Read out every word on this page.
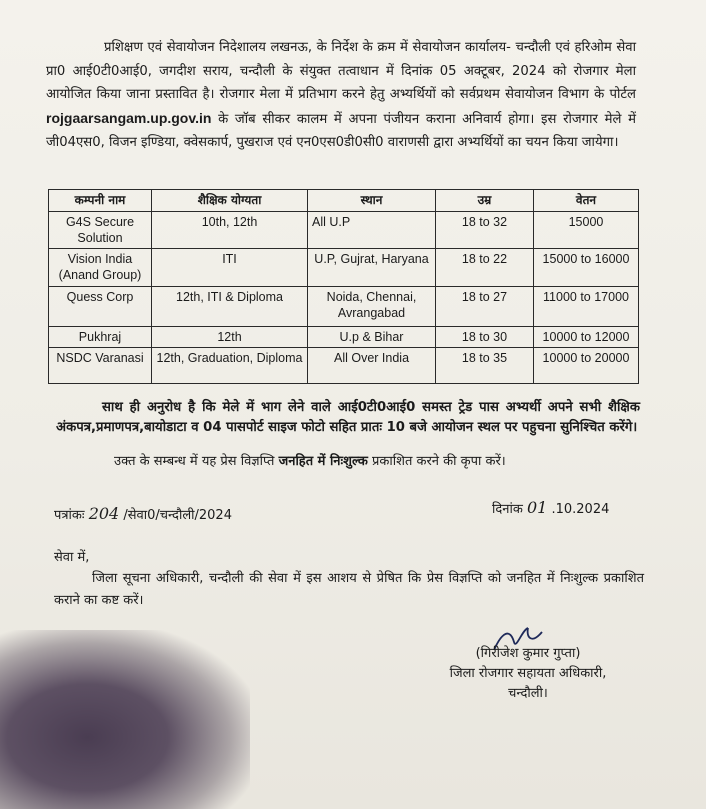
प्रशिक्षण एवं सेवायोजन निदेशालय लखनऊ, के निर्देश के क्रम में सेवायोजन कार्यालय- चन्दौली एवं हरिओम सेवा प्रा0 आई0टी0आई0, जगदीश सराय, चन्दौली के संयुक्त तत्वाधान में दिनांक 05 अक्टूबर, 2024 को रोजगार मेला आयोजित किया जाना प्रस्तावित है। रोजगार मेला में प्रतिभाग करने हेतु अभ्यर्थियों को सर्वप्रथम सेवायोजन विभाग के पोर्टल rojgaarsangam.up.gov.in के जॉब सीकर कालम में अपना पंजीयन कराना अनिवार्य होगा। इस रोजगार मेले में जी04एस0, विजन इण्डिया, क्वेसकार्प, पुखराज एवं एन0एस0डी0सी0 वाराणसी द्वारा अभ्यर्थियों का चयन किया जायेगा।
कम्पनी नाम	शैक्षिक योग्यता	स्थान	उम्र	वेतन
G4S Secure Solution	10th, 12th	All U.P	18 to 32	15000
Vision India (Anand Group)	ITI	U.P, Gujrat, Haryana	18 to 22	15000 to 16000
Quess Corp	12th, ITI & Diploma	Noida, Chennai, Avrangabad	18 to 27	11000 to 17000
Pukhraj	12th	U.p & Bihar	18 to 30	10000 to 12000
NSDC Varanasi	12th, Graduation, Diploma	All Over India	18 to 35	10000 to 20000
साथ ही अनुरोध है कि मेले में भाग लेने वाले आई0टी0आई0 समस्त ट्रेड पास अभ्यर्थी अपने सभी शैक्षिक अंकपत्र,प्रमाणपत्र,बायोडाटा व 04 पासपोर्ट साइज फोटो सहित प्रातः 10 बजे आयोजन स्थल पर पहुचना सुनिश्चित करेंगे।
उक्त के सम्बन्ध में यह प्रेस विज्ञप्ति जनहित में निःशुल्क प्रकाशित करने की कृपा करें।
पत्रांकः 204 /सेवा0/चन्दौली/2024	दिनांक 01 .10.2024
सेवा में,
जिला सूचना अधिकारी, चन्दौली की सेवा में इस आशय से प्रेषित कि प्रेस विज्ञप्ति को जनहित में निःशुल्क प्रकाशित कराने का कष्ट करें।
(गिरीजेश कुमार गुप्ता)
जिला रोजगार सहायता अधिकारी,
चन्दौली।
